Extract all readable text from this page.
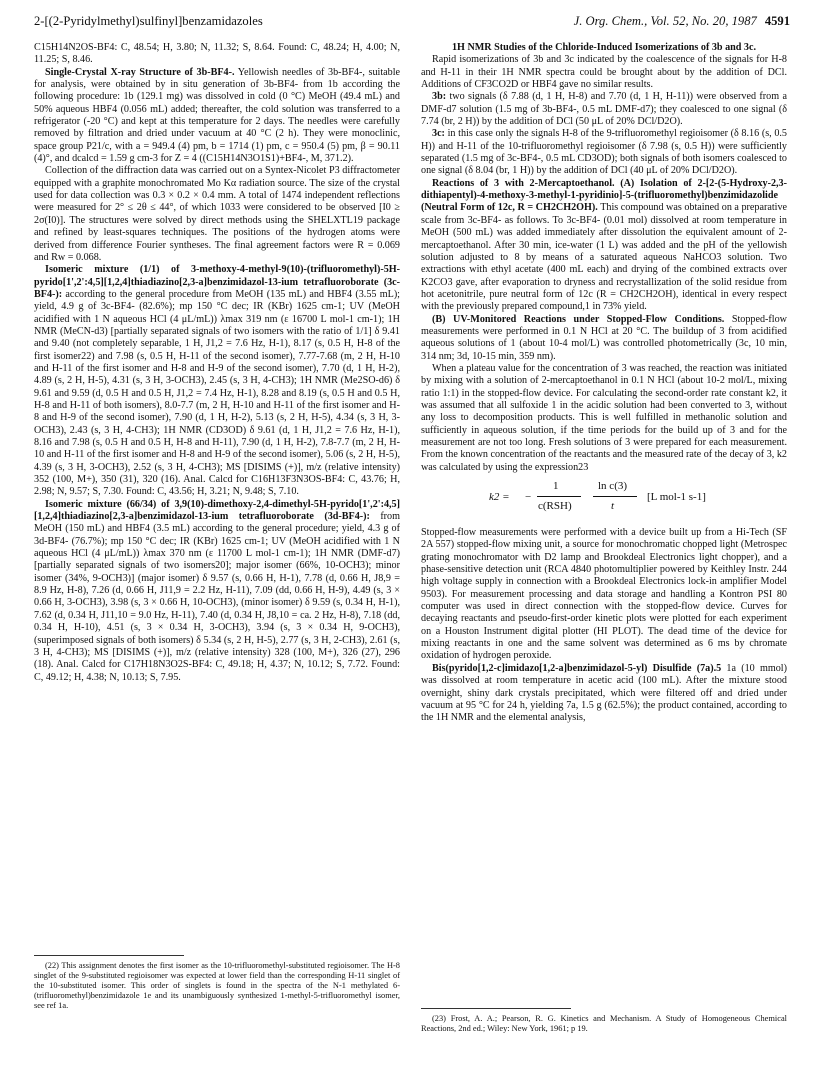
2-[(2-Pyridylmethyl)sulfinyl]benzamidazoles	J. Org. Chem., Vol. 52, No. 20, 1987 4591

C15H14N2OS-BF4: C, 48.54; H, 3.80; N, 11.32; S, 8.64. Found: C, 48.24; H, 4.00; N, 11.25; S, 8.46.

Single-Crystal X-ray Structure of 3b-BF4-. Yellowish needles of 3b-BF4-, suitable for analysis, were obtained by in situ generation of 3b-BF4- from 1b according the following procedure: 1b (129.1 mg) was dissolved in cold (0 °C) MeOH (49.4 mL) and 50% aqueous HBF4 (0.056 mL) added; thereafter, the cold solution was transferred to a refrigerator (-20 °C) and kept at this temperature for 2 days. The needles were carefully removed by filtration and dried under vacuum at 40 °C (2 h). They were monoclinic, space group P21/c, with a = 949.4 (4) pm, b = 1714 (1) pm, c = 950.4 (5) pm, β = 90.11 (4)°, and dcalcd = 1.59 g cm-3 for Z = 4 ((C15H14N3O1S1)+BF4-, M, 371.2).

Collection of the diffraction data was carried out on a Syntex-Nicolet P3 diffractometer equipped with a graphite monochromated Mo Kα radiation source. The size of the crystal used for data collection was 0.3 × 0.2 × 0.4 mm. A total of 1474 independent reflections were measured for 2° ≤ 2θ ≤ 44°, of which 1033 were considered to be observed [I0 ≥ 2σ(I0)]. The structures were solved by direct methods using the SHELXTL19 package and refined by least-squares techniques. The positions of the hydrogen atoms were derived from difference Fourier syntheses. The final agreement factors were R = 0.069 and Rw = 0.068.

Isomeric mixture (1/1) of 3-methoxy-4-methyl-9(10)-(trifluoromethyl)-5H-pyrido[1',2':4,5][1,2,4]thiadiazino[2,3-a]benzimidazol-13-ium tetrafluoroborate (3c-BF4-): according to the general procedure from MeOH (135 mL) and HBF4 (3.55 mL); yield, 4.9 g of 3c-BF4- (82.6%); mp 150 °C dec; IR (KBr) 1625 cm-1; UV (MeOH acidified with 1 N aqueous HCl (4 μL/mL)) λmax 319 nm (ε 16700 L mol-1 cm-1); 1H NMR (MeCN-d3) [partially separated signals of two isomers with the ratio of 1/1] δ 9.41 and 9.40 (not completely separable, 1 H, J1,2 = 7.6 Hz, H-1), 8.17 (s, 0.5 H, H-8 of the first isomer22) and 7.98 (s, 0.5 H, H-11 of the second isomer), 7.77-7.68 (m, 2 H, H-10 and H-11 of the first isomer and H-8 and H-9 of the second isomer), 7.70 (d, 1 H, H-2), 4.89 (s, 2 H, H-5), 4.31 (s, 3 H, 3-OCH3), 2.45 (s, 3 H, 4-CH3); 1H NMR (Me2SO-d6) δ 9.61 and 9.59 (d, 0.5 H and 0.5 H, J1,2 = 7.4 Hz, H-1), 8.28 and 8.19 (s, 0.5 H and 0.5 H, H-8 and H-11 of both isomers), 8.0-7.7 (m, 2 H, H-10 and H-11 of the first isomer and H-8 and H-9 of the second isomer), 7.90 (d, 1 H, H-2), 5.13 (s, 2 H, H-5), 4.34 (s, 3 H, 3-OCH3), 2.43 (s, 3 H, 4-CH3); 1H NMR (CD3OD) δ 9.61 (d, 1 H, J1,2 = 7.6 Hz, H-1), 8.16 and 7.98 (s, 0.5 H and 0.5 H, H-8 and H-11), 7.90 (d, 1 H, H-2), 7.8-7.7 (m, 2 H, H-10 and H-11 of the first isomer and H-8 and H-9 of the second isomer), 5.06 (s, 2 H, H-5), 4.39 (s, 3 H, 3-OCH3), 2.52 (s, 3 H, 4-CH3); MS [DISIMS (+)], m/z (relative intensity) 352 (100, M+), 350 (31), 320 (16). Anal. Calcd for C16H13F3N3OS-BF4: C, 43.76; H, 2.98; N, 9.57; S, 7.30. Found: C, 43.56; H, 3.21; N, 9.48; S, 7.10.

Isomeric mixture (66/34) of 3,9(10)-dimethoxy-2,4-dimethyl-5H-pyrido[1',2':4,5][1,2,4]thiadiazino[2,3-a]benzimidazol-13-ium tetrafluoroborate (3d-BF4-): from MeOH (150 mL) and HBF4 (3.5 mL) according to the general procedure; yield, 4.3 g of 3d-BF4- (76.7%); mp 150 °C dec; IR (KBr) 1625 cm-1; UV (MeOH acidified with 1 N aqueous HCl (4 μL/mL)) λmax 370 nm (ε 11700 L mol-1 cm-1); 1H NMR (DMF-d7) [partially separated signals of two isomers20]; major isomer (66%, 10-OCH3); minor isomer (34%, 9-OCH3)] (major isomer) δ 9.57 (s, 0.66 H, H-1), 7.78 (d, 0.66 H, J8,9 = 8.9 Hz, H-8), 7.26 (d, 0.66 H, J11,9 = 2.2 Hz, H-11), 7.09 (dd, 0.66 H, H-9), 4.49 (s, 3 × 0.66 H, 3-OCH3), 3.98 (s, 3 × 0.66 H, 10-OCH3), (minor isomer) δ 9.59 (s, 0.34 H, H-1), 7.62 (d, 0.34 H, J11,10 = 9.0 Hz, H-11), 7.40 (d, 0.34 H, J8,10 = ca. 2 Hz, H-8), 7.18 (dd, 0.34 H, H-10), 4.51 (s, 3 × 0.34 H, 3-OCH3), 3.94 (s, 3 × 0.34 H, 9-OCH3), (superimposed signals of both isomers) δ 5.34 (s, 2 H, H-5), 2.77 (s, 3 H, 2-CH3), 2.61 (s, 3 H, 4-CH3); MS [DISIMS (+)], m/z (relative intensity) 328 (100, M+), 326 (27), 296 (18). Anal. Calcd for C17H18N3O2S-BF4: C, 49.18; H, 4.37; N, 10.12; S, 7.72. Found: C, 49.12; H, 4.38; N, 10.13; S, 7.95.

(22) This assignment denotes the first isomer as the 10-trifluoromethyl-substituted regioisomer. The H-8 singlet of the 9-substituted regioisomer was expected at lower field than the corresponding H-11 singlet of the 10-substituted isomer. This order of singlets is found in the spectra of the N-1 methylated 6-(trifluoromethyl)benzimidazole 1e and its unambiguously synthesized 1-methyl-5-trifluoromethyl isomer, see ref 1a.

1H NMR Studies of the Chloride-Induced Isomerizations of 3b and 3c.

Rapid isomerizations of 3b and 3c indicated by the coalescence of the signals for H-8 and H-11 in their 1H NMR spectra could be brought about by the addition of DCl. Additions of CF3CO2D or HBF4 gave no similar results.

3b: two signals (δ 7.88 (d, 1 H, H-8) and 7.70 (d, 1 H, H-11)) were observed from a DMF-d7 solution (1.5 mg of 3b-BF4-, 0.5 mL DMF-d7); they coalesced to one signal (δ 7.74 (br, 2 H)) by the addition of DCl (50 μL of 20% DCl/D2O).

3c: in this case only the signals H-8 of the 9-trifluoromethyl regioisomer (δ 8.16 (s, 0.5 H)) and H-11 of the 10-trifluoromethyl regioisomer (δ 7.98 (s, 0.5 H)) were sufficiently separated (1.5 mg of 3c-BF4-, 0.5 mL CD3OD); both signals of both isomers coalesced to one signal (δ 8.04 (br, 1 H)) by the addition of DCl (40 μL of 20% DCl/D2O).

Reactions of 3 with 2-Mercaptoethanol. (A) Isolation of 2-[2-(5-Hydroxy-2,3-dithiapentyl)-4-methoxy-3-methyl-1-pyridinio]-5-(trifluoromethyl)benzimidazolide (Neutral Form of 12c, R = CH2CH2OH). This compound was obtained on a preparative scale from 3c-BF4- as follows. To 3c-BF4- (0.01 mol) dissolved at room temperature in MeOH (500 mL) was added immediately after dissolution the equivalent amount of 2-mercaptoethanol. After 30 min, ice-water (1 L) was added and the pH of the yellowish solution adjusted to 8 by means of a saturated aqueous NaHCO3 solution. Two extractions with ethyl acetate (400 mL each) and drying of the combined extracts over K2CO3 gave, after evaporation to dryness and recrystallization of the solid residue from hot acetonitrile, pure neutral form of 12c (R = CH2CH2OH), identical in every respect with the previously prepared compound,1 in 73% yield.

(B) UV-Monitored Reactions under Stopped-Flow Conditions. Stopped-flow measurements were performed in 0.1 N HCl at 20 °C. The buildup of 3 from acidified aqueous solutions of 1 (about 10-4 mol/L) was controlled photometrically (3c, 10 min, 314 nm; 3d, 10-15 min, 359 nm).

When a plateau value for the concentration of 3 was reached, the reaction was initiated by mixing with a solution of 2-mercaptoethanol in 0.1 N HCl (about 10-2 mol/L, mixing ratio 1:1) in the stopped-flow device. For calculating the second-order rate constant k2, it was assumed that all sulfoxide 1 in the acidic solution had been converted to 3, without any loss to decomposition products. This is well fulfilled in methanolic solution and sufficiently in aqueous solution, if the time periods for the build up of 3 and for the measurement are not too long. Fresh solutions of 3 were prepared for each measurement. From the known concentration of the reactants and the measured rate of the decay of 3, k2 was calculated by using the expression23

k2 = −
1
c(RSH)
ln c(3)
t
[L mol-1 s-1]

Stopped-flow measurements were performed with a device built up from a Hi-Tech (SF 2A 557) stopped-flow mixing unit, a source for monochromatic chopped light (Metrospec grating monochromator with D2 lamp and Brookdeal Electronics light chopper), and a phase-sensitive detection unit (RCA 4840 photomultiplier powered by Keithley Instr. 244 high voltage supply in connection with a Brookdeal Electronics lock-in amplifier Model 9503). For measurement processing and data storage and handling a Kontron PSI 80 computer was used in direct connection with the stopped-flow device. Curves for decaying reactants and pseudo-first-order kinetic plots were plotted for each experiment on a Houston Instrument digital plotter (HI PLOT). The dead time of the device for mixing reactants in one and the same solvent was determined as 6 ms by chromate oxidation of hydrogen peroxide.

Bis(pyrido[1,2-c]imidazo[1,2-a]benzimidazol-5-yl) Disulfide (7a).5 1a (10 mmol) was dissolved at room temperature in acetic acid (100 mL). After the mixture stood overnight, shiny dark crystals precipitated, which were filtered off and dried under vacuum at 95 °C for 24 h, yielding 7a, 1.5 g (62.5%); the product contained, according to the 1H NMR and the elemental analysis,

(23) Frost, A. A.; Pearson, R. G. Kinetics and Mechanism. A Study of Homogeneous Chemical Reactions, 2nd ed.; Wiley: New York, 1961; p 19.
